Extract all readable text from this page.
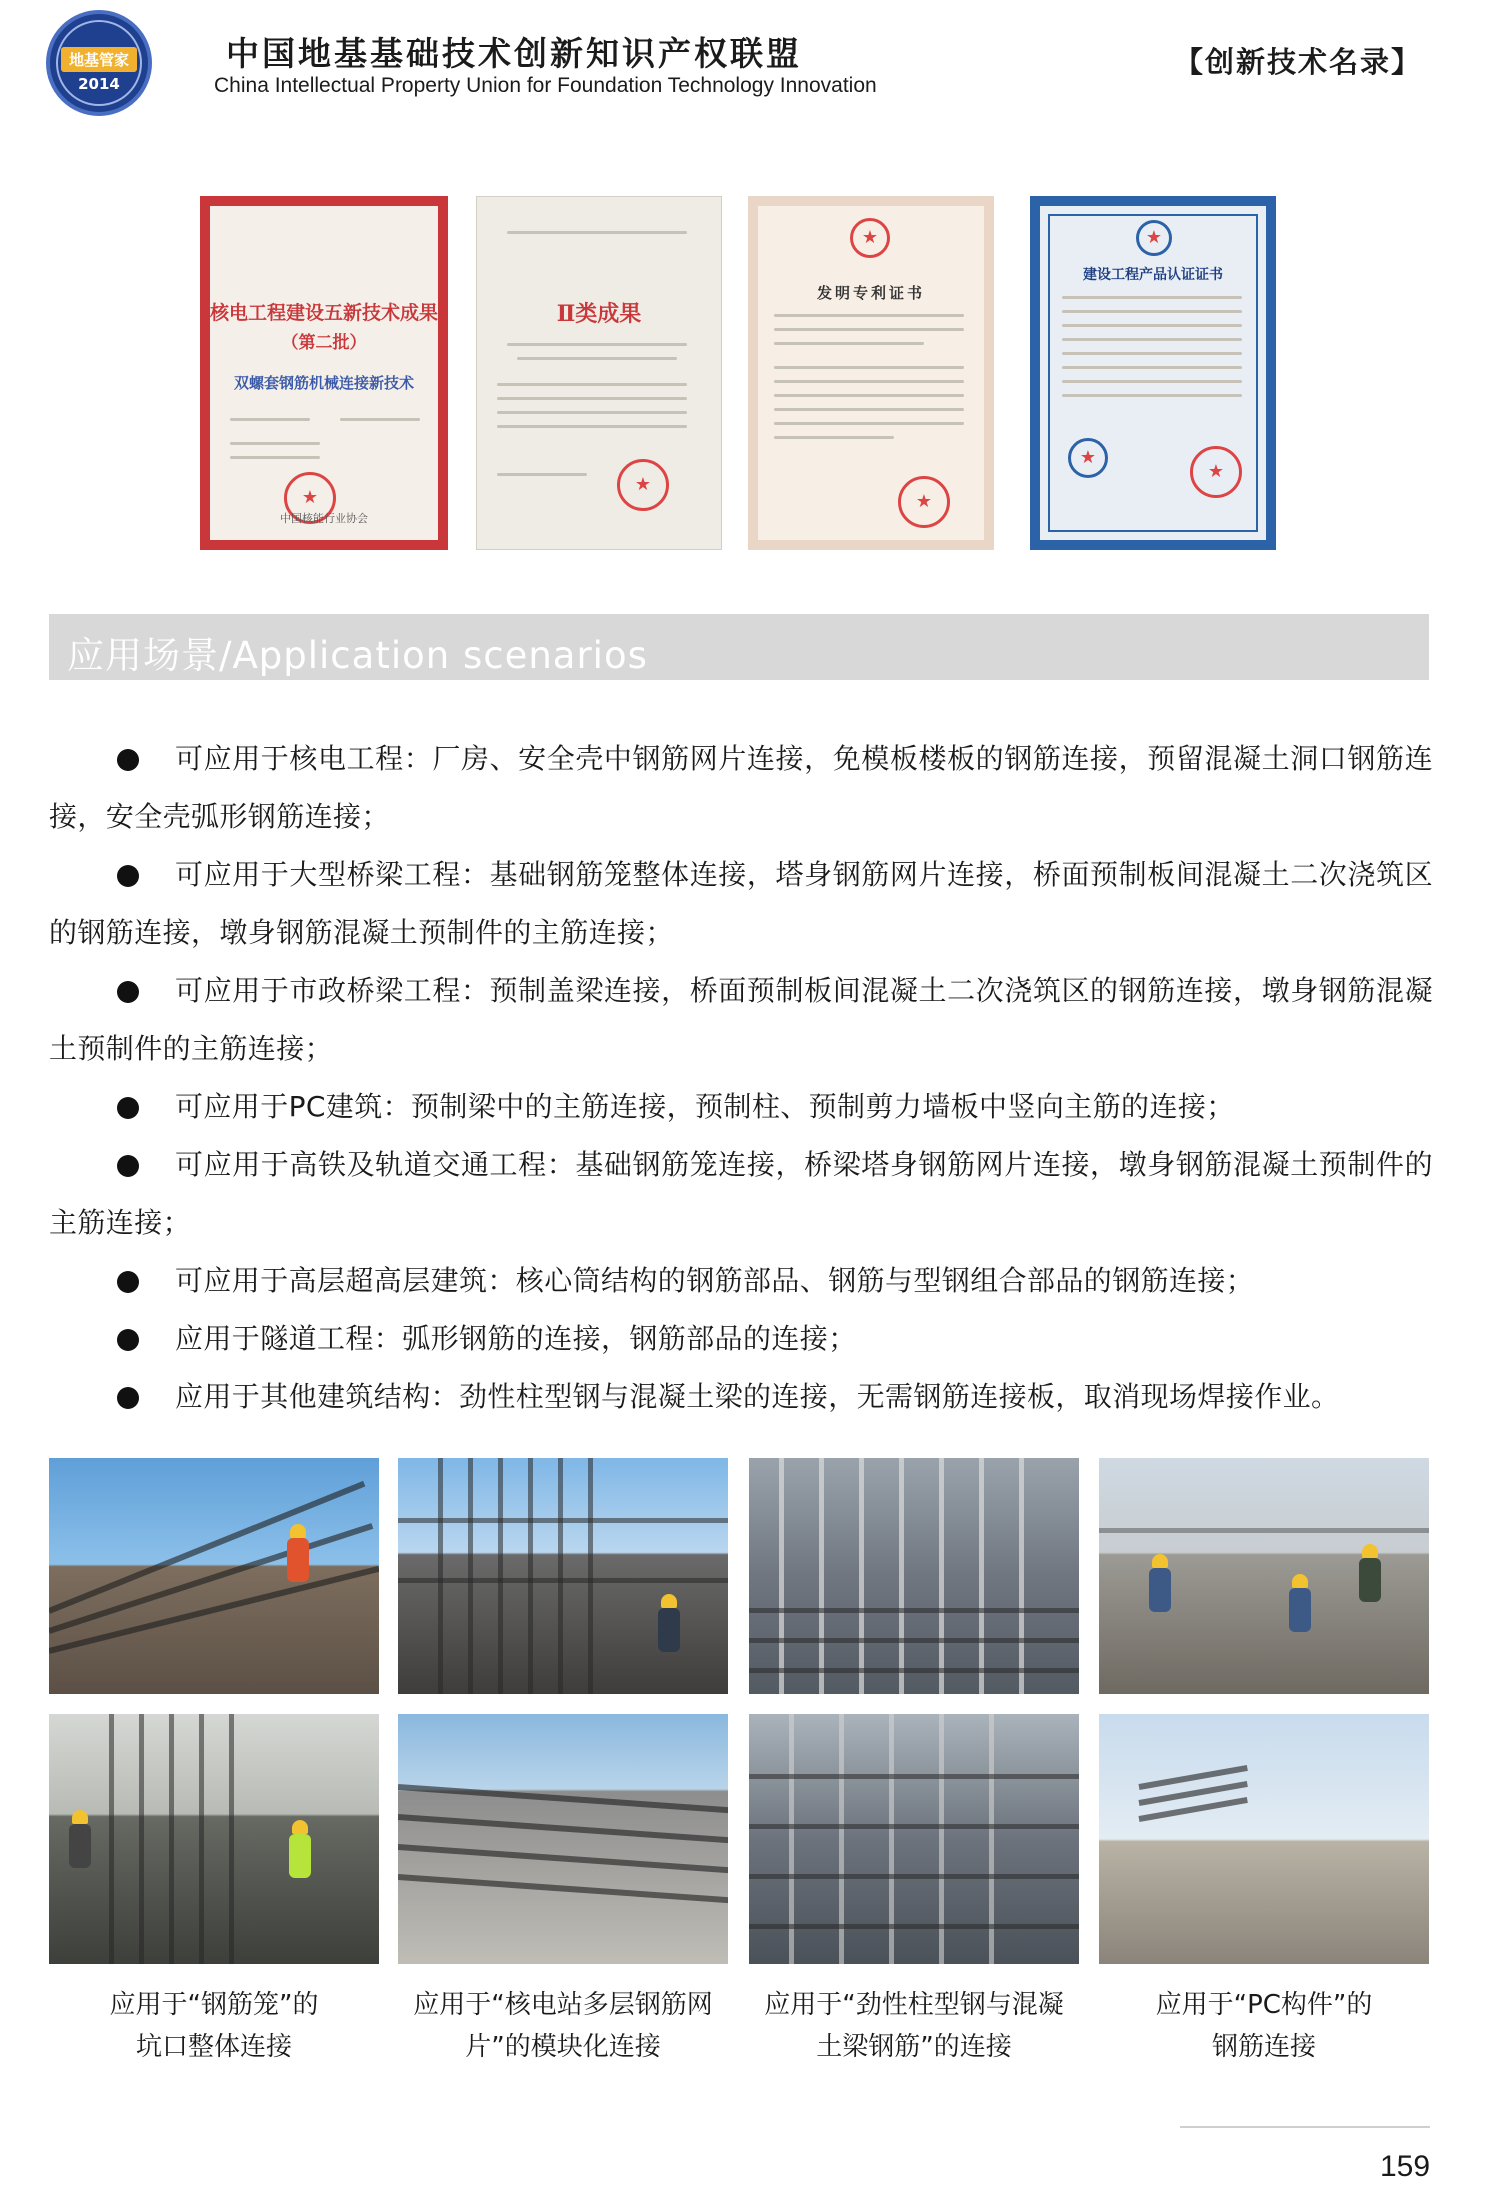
地基管家
2014
中国地基基础技术创新知识产权联盟
China Intellectual Property Union for Foundation Technology Innovation
【创新技术名录】
核电工程建设五新技术成果
（第二批）
双螺套钢筋机械连接新技术
★
中国核能行业协会
Ⅱ类成果
★
★
发明专利证书
★
★
建设工程产品认证证书
★
★
应用场景/Application scenarios
可应用于核电工程：厂房、安全壳中钢筋网片连接，免模板楼板的钢筋连接，预留混凝土洞口钢筋连接，安全壳弧形钢筋连接；
可应用于大型桥梁工程：基础钢筋笼整体连接，塔身钢筋网片连接，桥面预制板间混凝土二次浇筑区的钢筋连接，墩身钢筋混凝土预制件的主筋连接；
可应用于市政桥梁工程：预制盖梁连接，桥面预制板间混凝土二次浇筑区的钢筋连接，墩身钢筋混凝土预制件的主筋连接；
可应用于PC建筑：预制梁中的主筋连接，预制柱、预制剪力墙板中竖向主筋的连接；
可应用于高铁及轨道交通工程：基础钢筋笼连接，桥梁塔身钢筋网片连接，墩身钢筋混凝土预制件的主筋连接；
可应用于高层超高层建筑：核心筒结构的钢筋部品、钢筋与型钢组合部品的钢筋连接；
应用于隧道工程：弧形钢筋的连接，钢筋部品的连接；
应用于其他建筑结构：劲性柱型钢与混凝土梁的连接，无需钢筋连接板，取消现场焊接作业。
应用于“钢筋笼”的
坑口整体连接
应用于“核电站多层钢筋网
片”的模块化连接
应用于“劲性柱型钢与混凝
土梁钢筋”的连接
应用于“PC构件”的
钢筋连接
159
